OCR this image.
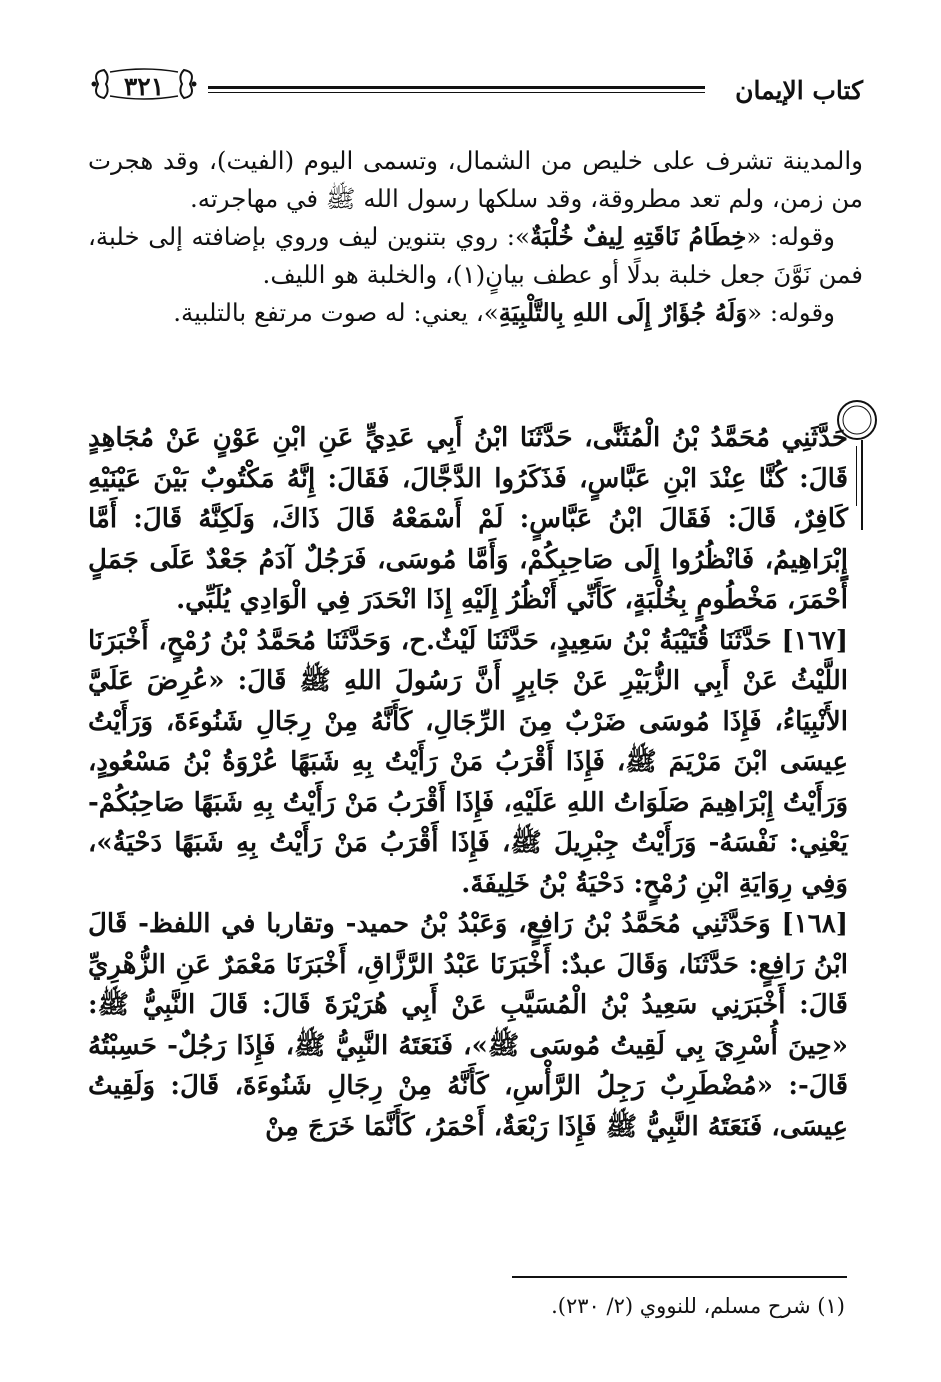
كتاب الإيمان
٣٢١

والمدينة تشرف على خليص من الشمال، وتسمى اليوم (الفيت)، وقد هجرت من زمن، ولم تعد مطروقة، وقد سلكها رسول الله ﷺ في مهاجرته.

وقوله: «خِطَامُ نَاقَتِهِ لِيفٌ خُلْبَةٌ»: روي بتنوين ليف وروي بإضافته إلى خلبة، فمن نَوَّنَ جعل خلبة بدلًا أو عطف بيانٍ(١)، والخلبة هو الليف.

وقوله: «وَلَهُ جُؤَارٌ إِلَى اللهِ بِالتَّلْبِيَةِ»، يعني: له صوت مرتفع بالتلبية.

حَدَّثَنِي مُحَمَّدُ بْنُ الْمُثَنَّى، حَدَّثَنَا ابْنُ أَبِي عَدِيٍّ عَنِ ابْنِ عَوْنٍ عَنْ مُجَاهِدٍ قَالَ: كُنَّا عِنْدَ ابْنِ عَبَّاسٍ، فَذَكَرُوا الدَّجَّالَ، فَقَالَ: إِنَّهُ مَكْتُوبٌ بَيْنَ عَيْنَيْهِ كَافِرٌ، قَالَ: فَقَالَ ابْنُ عَبَّاسٍ: لَمْ أَسْمَعْهُ قَالَ ذَاكَ، وَلَكِنَّهُ قَالَ: أَمَّا إِبْرَاهِيمُ، فَانْظُرُوا إِلَى صَاحِبِكُمْ، وَأَمَّا مُوسَى، فَرَجُلٌ آدَمُ جَعْدٌ عَلَى جَمَلٍ أَحْمَرَ، مَخْطُومٍ بِخُلْبَةٍ، كَأَنِّي أَنْظُرُ إِلَيْهِ إِذَا انْحَدَرَ فِي الْوَادِي يُلَبِّي.

[١٦٧] حَدَّثَنَا قُتَيْبَةُ بْنُ سَعِيدٍ، حَدَّثَنَا لَيْثٌ.ح، وَحَدَّثَنَا مُحَمَّدُ بْنُ رُمْحٍ، أَخْبَرَنَا اللَّيْثُ عَنْ أَبِي الزُّبَيْرِ عَنْ جَابِرٍ أَنَّ رَسُولَ اللهِ ﷺ قَالَ: «عُرِضَ عَلَيَّ الأَنْبِيَاءُ، فَإِذَا مُوسَى ضَرْبٌ مِنَ الرِّجَالِ، كَأَنَّهُ مِنْ رِجَالِ شَنُوءَةَ، وَرَأَيْتُ عِيسَى ابْنَ مَرْيَمَ ﷺ، فَإِذَا أَقْرَبُ مَنْ رَأَيْتُ بِهِ شَبَهًا عُرْوَةُ بْنُ مَسْعُودٍ، وَرَأَيْتُ إِبْرَاهِيمَ صَلَوَاتُ اللهِ عَلَيْهِ، فَإِذَا أَقْرَبُ مَنْ رَأَيْتُ بِهِ شَبَهًا صَاحِبُكُمْ- يَعْنِي: نَفْسَهُ- وَرَأَيْتُ جِبْرِيلَ ﷺ، فَإِذَا أَقْرَبُ مَنْ رَأَيْتُ بِهِ شَبَهًا دَحْيَةُ»، وَفِي رِوَايَةِ ابْنِ رُمْحٍ: دَحْيَةُ بْنُ خَلِيفَةَ.

[١٦٨] وَحَدَّثَنِي مُحَمَّدُ بْنُ رَافِعٍ، وَعَبْدُ بْنُ حميد- وتقاربا في اللفظ- قَالَ ابْنُ رَافِعٍ: حَدَّثَنَا، وَقَالَ عبدٌ: أَخْبَرَنَا عَبْدُ الرَّزَّاقِ، أَخْبَرَنَا مَعْمَرٌ عَنِ الزُّهْرِيِّ قَالَ: أَخْبَرَنِي سَعِيدُ بْنُ الْمُسَيَّبِ عَنْ أَبِي هُرَيْرَةَ قَالَ: قَالَ النَّبِيُّ ﷺ: «حِينَ أُسْرِيَ بِي لَقِيتُ مُوسَى ﷺ»، فَنَعَتَهُ النَّبِيُّ ﷺ، فَإِذَا رَجُلٌ- حَسِبْتُهُ قَالَ-: «مُضْطَرِبٌ رَجِلُ الرَّأْسِ، كَأَنَّهُ مِنْ رِجَالِ شَنُوءَةَ، قَالَ: وَلَقِيتُ عِيسَى، فَنَعَتَهُ النَّبِيُّ ﷺ فَإِذَا رَبْعَةٌ، أَحْمَرُ، كَأَنَّمَا خَرَجَ مِنْ

(١) شرح مسلم، للنووي (٢/ ٢٣٠).
